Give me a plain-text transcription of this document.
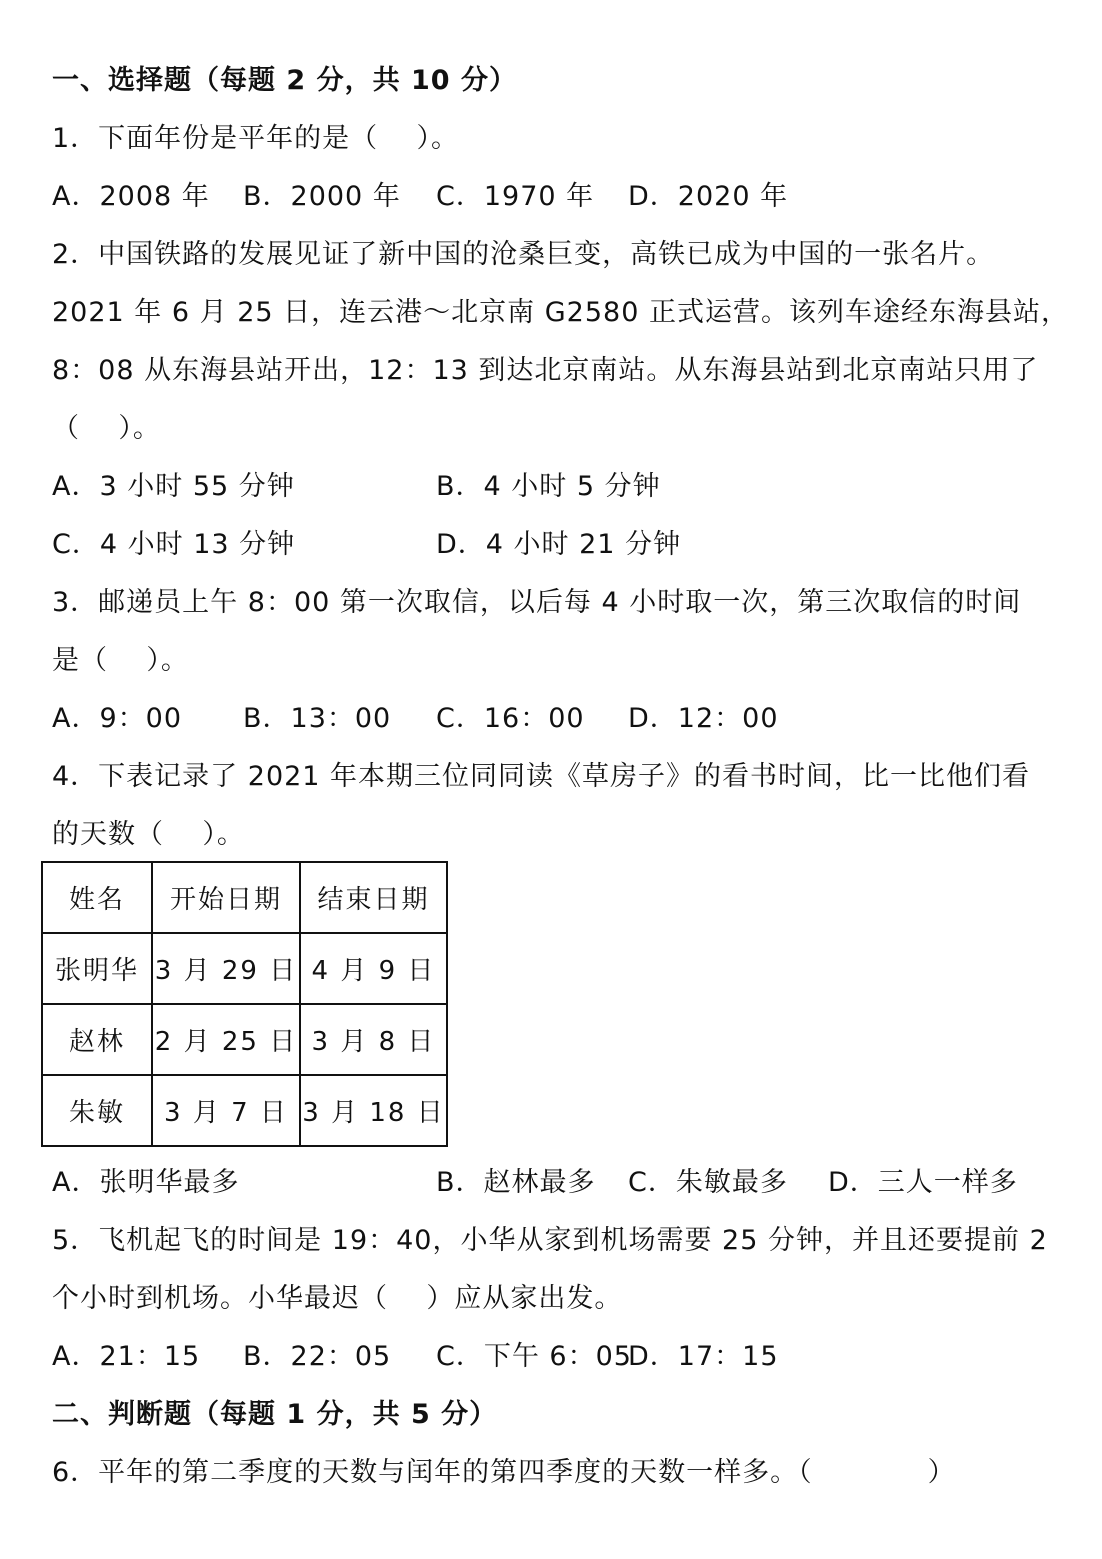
一、选择题（每题 2 分，共 10 分）
1．下面年份是平年的是（    ）。
A．2008 年 B．2000 年 C．1970 年 D．2020 年
2．中国铁路的发展见证了新中国的沧桑巨变，高铁已成为中国的一张名片。
2021 年 6 月 25 日，连云港～北京南 G2580 正式运营。该列车途经东海县站，
8：08 从东海县站开出，12：13 到达北京南站。从东海县站到北京南站只用了
（    ）。
A．3 小时 55 分钟	B．4 小时 5 分钟
C．4 小时 13 分钟	D．4 小时 21 分钟
3．邮递员上午 8：00 第一次取信，以后每 4 小时取一次，第三次取信的时间
是（    ）。
A．9：00 B．13：00 C．16：00 D．12：00
4．下表记录了 2021 年本期三位同同读《草房子》的看书时间，比一比他们看
的天数（    ）。
姓名	开始日期	结束日期
张明华	3 月 29 日	4 月 9 日
赵林	2 月 25 日	3 月 8 日
朱敏	3 月 7 日	3 月 18 日
A．张明华最多	B．赵林最多 C．朱敏最多 D．三人一样多
5．飞机起飞的时间是 19：40，小华从家到机场需要 25 分钟，并且还要提前 2
个小时到机场。小华最迟（    ）应从家出发。
A．21：15 B．22：05 C．下午 6：05
D．17：15
二、判断题（每题 1 分，共 5 分）
6．平年的第二季度的天数与闰年的第四季度的天数一样多。（            ）
